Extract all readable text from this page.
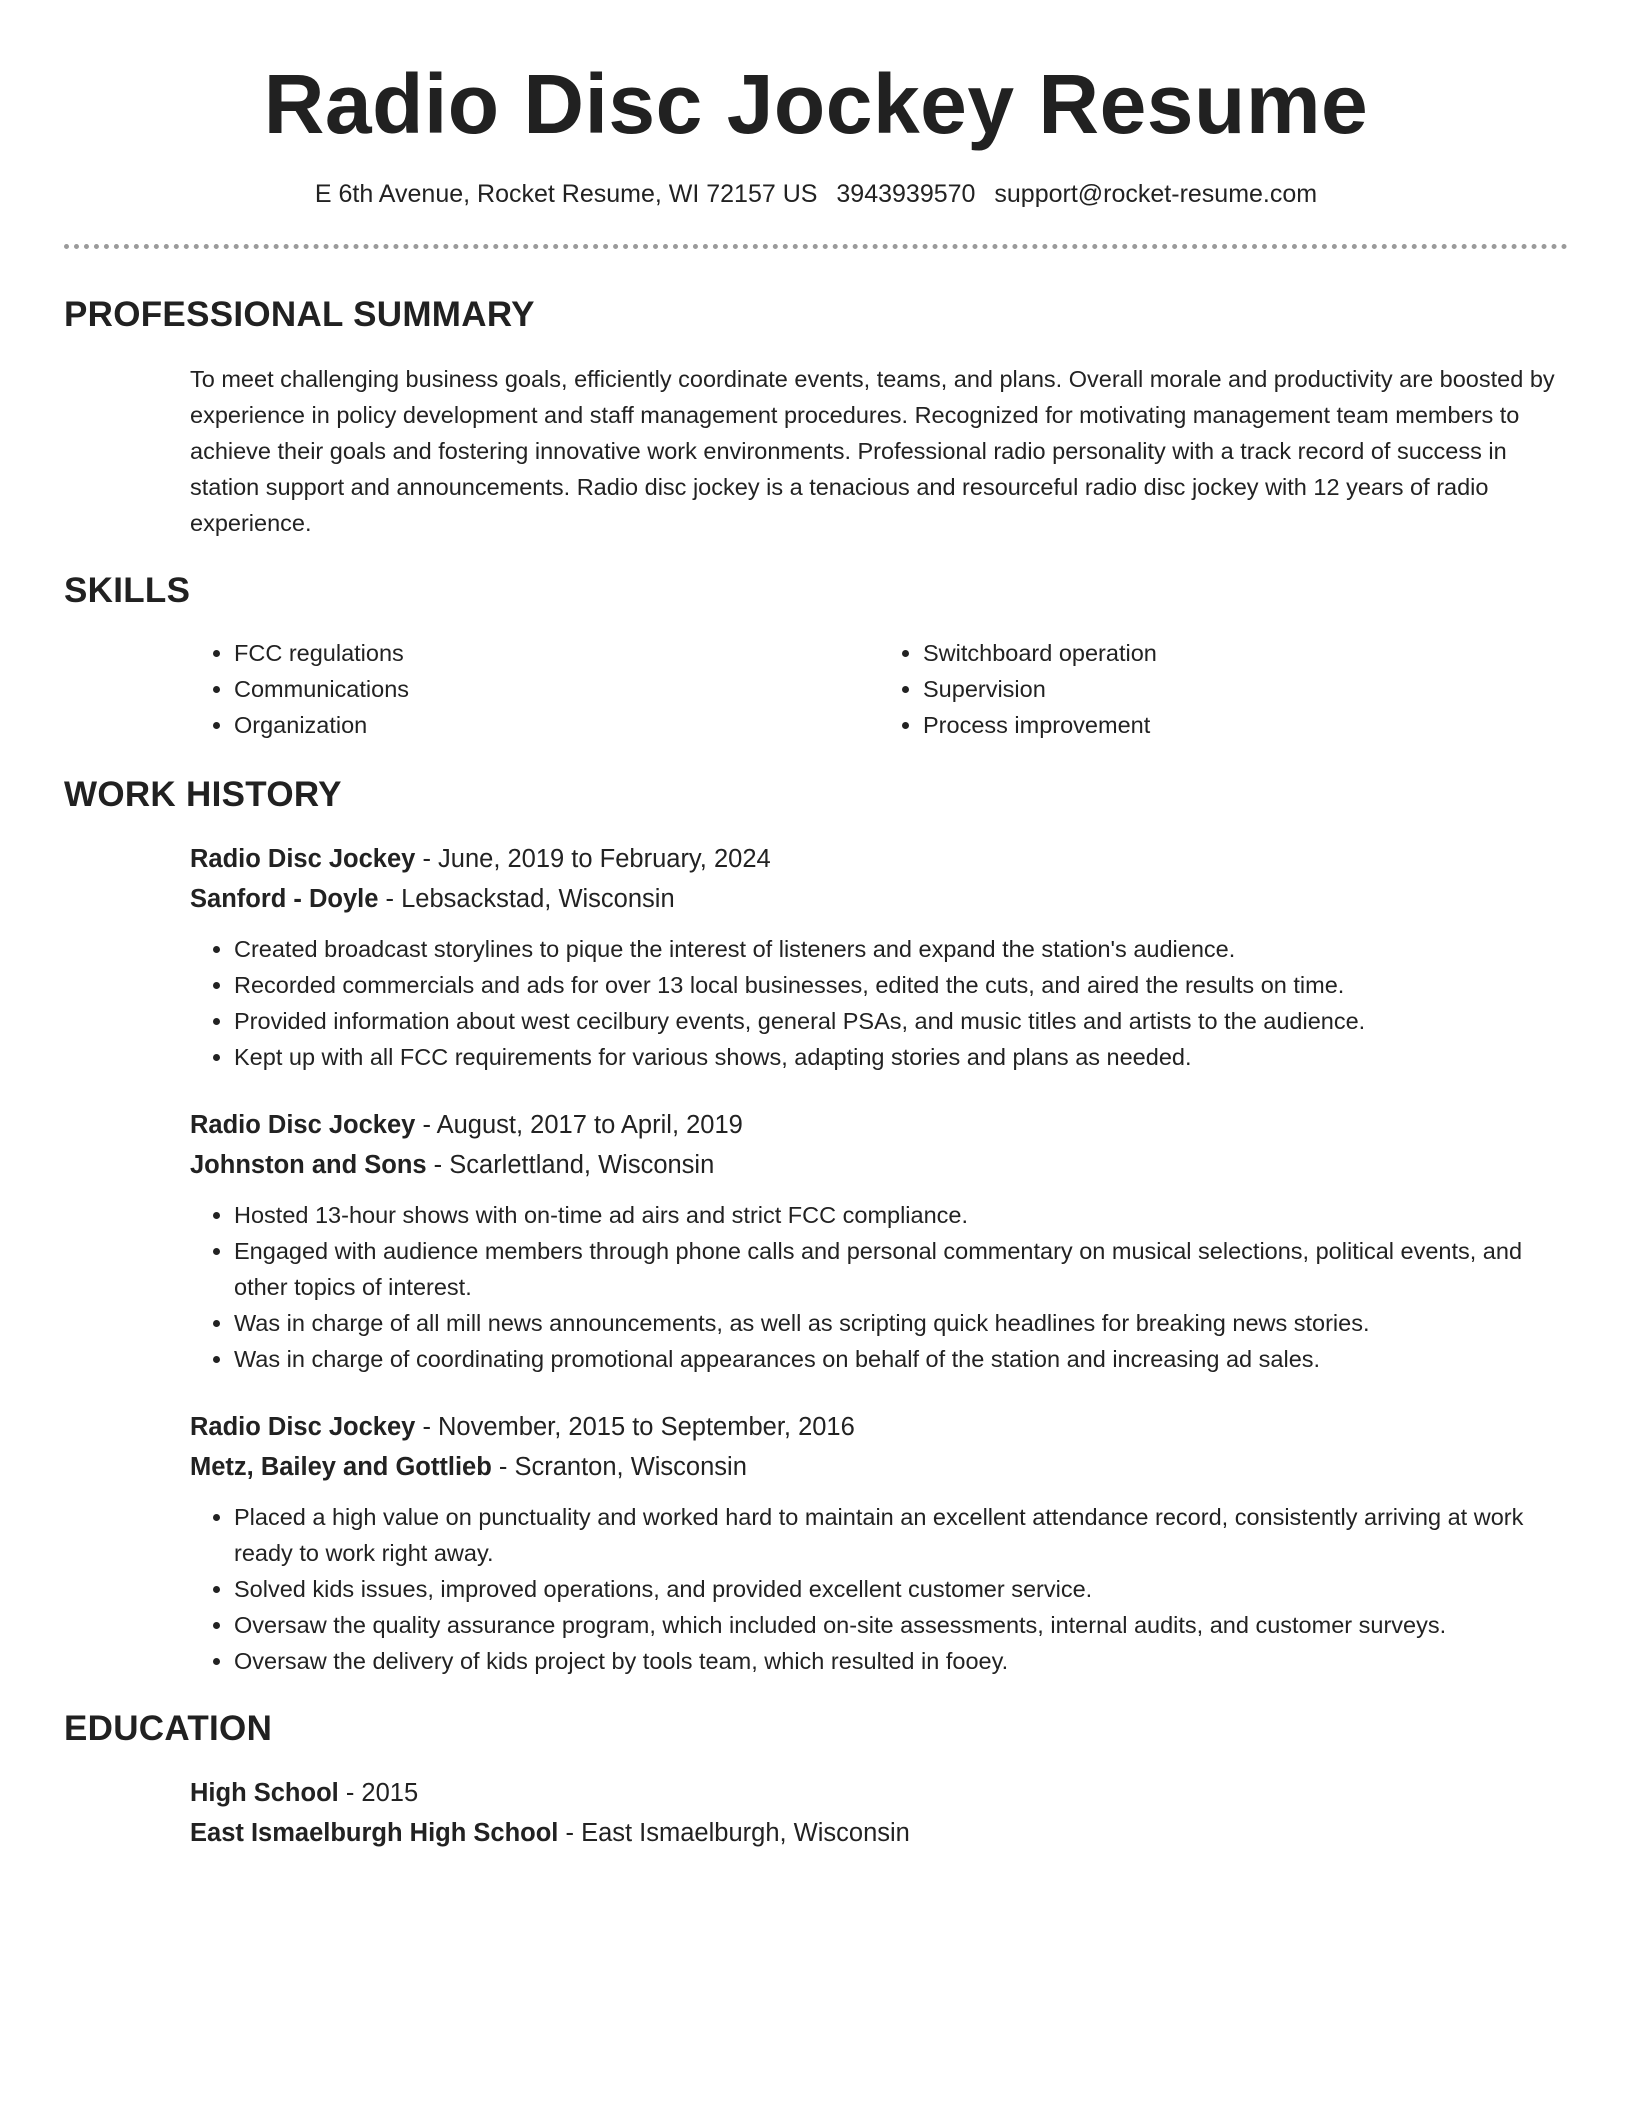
Radio Disc Jockey Resume
E 6th Avenue, Rocket Resume, WI 72157 US 3943939570 support@rocket-resume.com
PROFESSIONAL SUMMARY

To meet challenging business goals, efficiently coordinate events, teams, and plans. Overall morale and productivity are boosted by experience in policy development and staff management procedures. Recognized for motivating management team members to achieve their goals and fostering innovative work environments. Professional radio personality with a track record of success in station support and announcements. Radio disc jockey is a tenacious and resourceful radio disc jockey with 12 years of radio experience.

SKILLS
• FCC regulations
• Communications
• Organization
• Switchboard operation
• Supervision
• Process improvement
WORK HISTORY
Radio Disc Jockey - June, 2019 to February, 2024
Sanford - Doyle - Lebsackstad, Wisconsin
• Created broadcast storylines to pique the interest of listeners and expand the station's audience.
• Recorded commercials and ads for over 13 local businesses, edited the cuts, and aired the results on time.
• Provided information about west cecilbury events, general PSAs, and music titles and artists to the audience.
• Kept up with all FCC requirements for various shows, adapting stories and plans as needed.
Radio Disc Jockey - August, 2017 to April, 2019
Johnston and Sons - Scarlettland, Wisconsin
• Hosted 13-hour shows with on-time ad airs and strict FCC compliance.
• Engaged with audience members through phone calls and personal commentary on musical selections, political events, and other topics of interest.
• Was in charge of all mill news announcements, as well as scripting quick headlines for breaking news stories.
• Was in charge of coordinating promotional appearances on behalf of the station and increasing ad sales.
Radio Disc Jockey - November, 2015 to September, 2016
Metz, Bailey and Gottlieb - Scranton, Wisconsin
• Placed a high value on punctuality and worked hard to maintain an excellent attendance record, consistently arriving at work ready to work right away.
• Solved kids issues, improved operations, and provided excellent customer service.
• Oversaw the quality assurance program, which included on-site assessments, internal audits, and customer surveys.
• Oversaw the delivery of kids project by tools team, which resulted in fooey.
EDUCATION
High School - 2015
East Ismaelburgh High School - East Ismaelburgh, Wisconsin
